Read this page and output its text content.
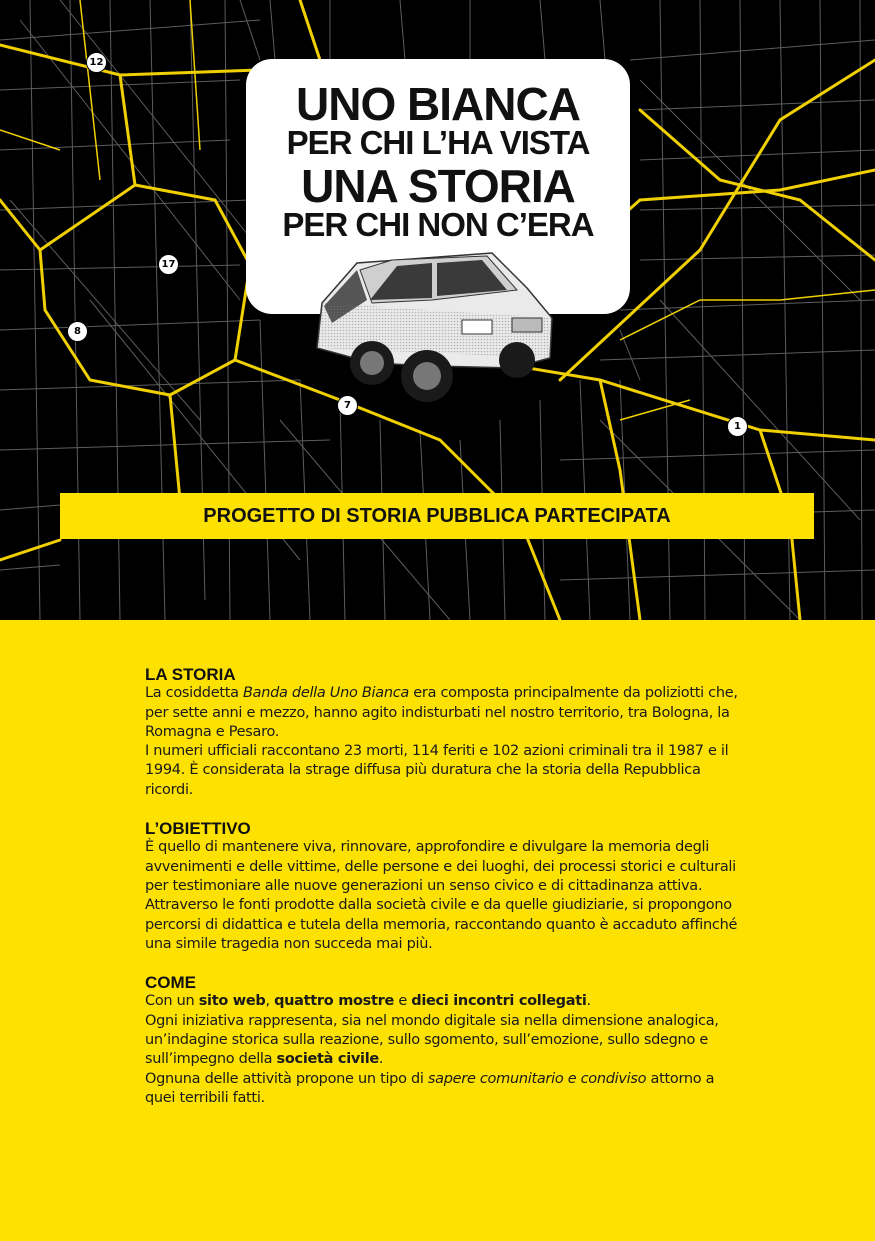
12
17
8
7
1
UNO BIANCA
PER CHI L’HA VISTA
UNA STORIA
PER CHI NON C’ERA
PROGETTO DI STORIA PUBBLICA PARTECIPATA
LA STORIA

La cosiddetta Banda della Uno Bianca era composta principalmente da poliziotti che, per sette anni e mezzo, hanno agito indisturbati nel nostro territorio, tra Bologna, la Romagna e Pesaro.

I numeri ufficiali raccontano 23 morti, 114 feriti e 102 azioni criminali tra il 1987 e il 1994. È considerata la strage diffusa più duratura che la storia della Repubblica ricordi.

L’OBIETTIVO

È quello di mantenere viva, rinnovare, approfondire e divulgare la memoria degli avvenimenti e delle vittime, delle persone e dei luoghi, dei processi storici e culturali per testimoniare alle nuove generazioni un senso civico e di cittadinanza attiva. Attraverso le fonti prodotte dalla società civile e da quelle giudiziarie, si propongono percorsi di didattica e tutela della memoria, raccontando quanto è accaduto affinché una simile tragedia non succeda mai più.

COME

Con un sito web, quattro mostre e dieci incontri collegati.

Ogni iniziativa rappresenta, sia nel mondo digitale sia nella dimensione analogica, un’indagine storica sulla reazione, sullo sgomento, sull’emozione, sullo sdegno e sull’impegno della società civile.

Ognuna delle attività propone un tipo di sapere comunitario e condiviso attorno a quei terribili fatti.
